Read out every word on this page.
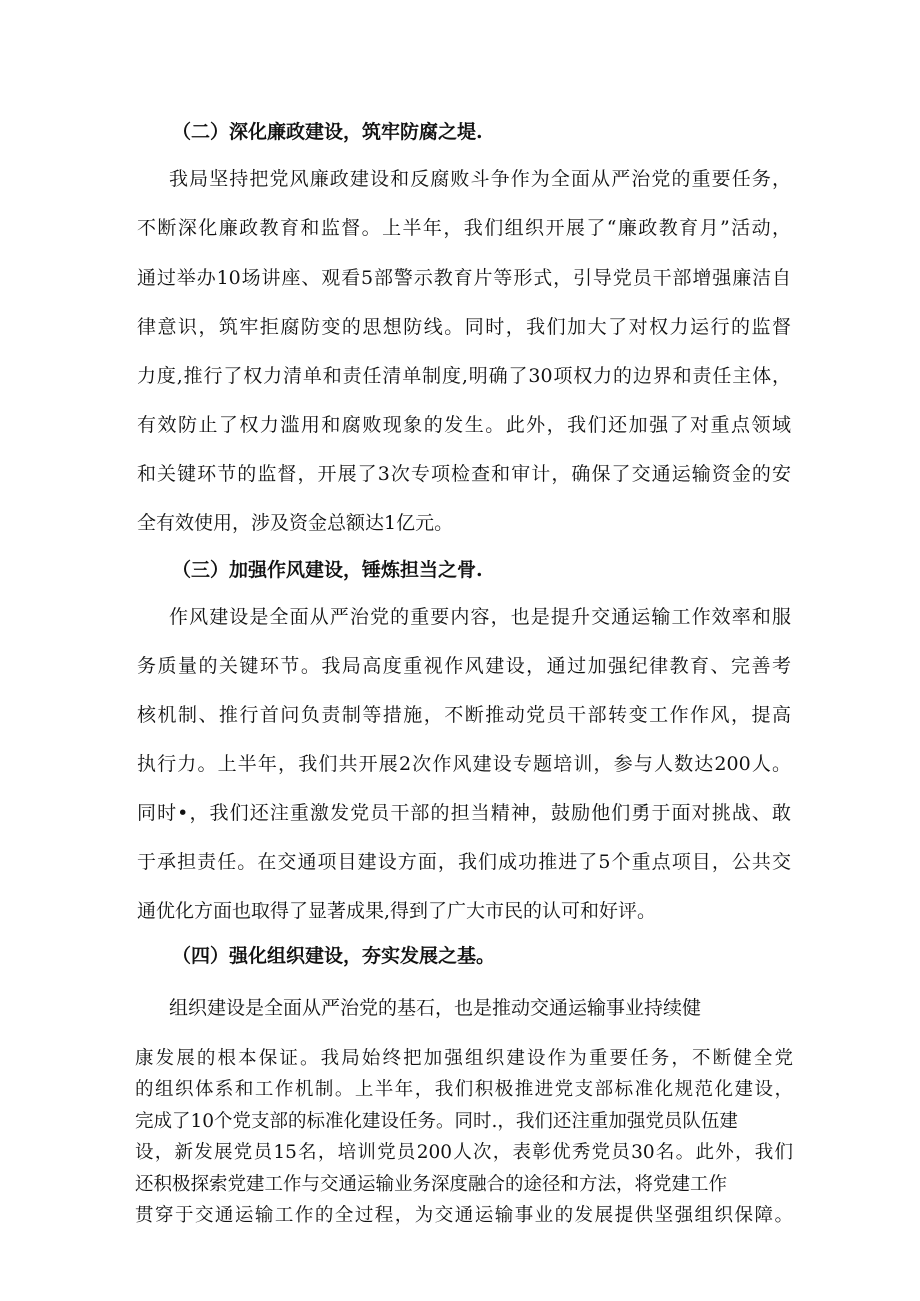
（二）深化廉政建设，筑牢防腐之堤.
我局坚持把党风廉政建设和反腐败斗争作为全面从严治党的重要任务，
不断深化廉政教育和监督。上半年，我们组织开展了“廉政教育月”活动，
通过举办10场讲座、观看5部警示教育片等形式，引导党员干部增强廉洁自
律意识，筑牢拒腐防变的思想防线。同时，我们加大了对权力运行的监督
力度,推行了权力清单和责任清单制度,明确了30项权力的边界和责任主体，
有效防止了权力滥用和腐败现象的发生。此外，我们还加强了对重点领域
和关键环节的监督，开展了3次专项检查和审计，确保了交通运输资金的安
全有效使用，涉及资金总额达1亿元。
（三）加强作风建设，锤炼担当之骨.
作风建设是全面从严治党的重要内容，也是提升交通运输工作效率和服
务质量的关键环节。我局高度重视作风建设，通过加强纪律教育、完善考
核机制、推行首问负责制等措施，不断推动党员干部转变工作作风，提高
执行力。上半年，我们共开展2次作风建设专题培训，参与人数达200人。
同时•，我们还注重激发党员干部的担当精神，鼓励他们勇于面对挑战、敢
于承担责任。在交通项目建设方面，我们成功推进了5个重点项目，公共交
通优化方面也取得了显著成果,得到了广大市民的认可和好评。
（四）强化组织建设，夯实发展之基。
组织建设是全面从严治党的基石，也是推动交通运输事业持续健
康发展的根本保证。我局始终把加强组织建设作为重要任务，不断健全党
的组织体系和工作机制。上半年，我们积极推进党支部标准化规范化建设，
完成了10个党支部的标准化建设任务。同时.，我们还注重加强党员队伍建
设，新发展党员15名，培训党员200人次，表彰优秀党员30名。此外，我们
还积极探索党建工作与交通运输业务深度融合的途径和方法，将党建工作
贯穿于交通运输工作的全过程，为交通运输事业的发展提供坚强组织保障。
